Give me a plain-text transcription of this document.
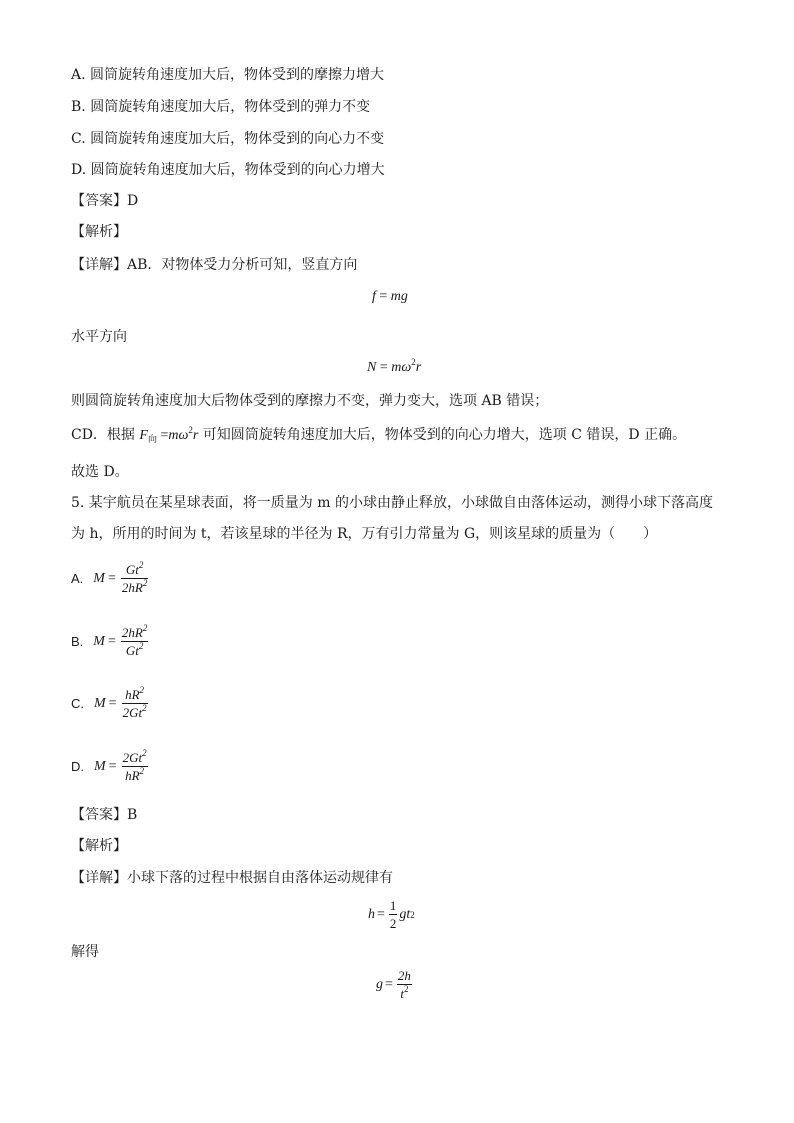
A. 圆筒旋转角速度加大后，物体受到的摩擦力增大
B. 圆筒旋转角速度加大后，物体受到的弹力不变
C. 圆筒旋转角速度加大后，物体受到的向心力不变
D. 圆筒旋转角速度加大后，物体受到的向心力增大
【答案】D
【解析】
【详解】AB．对物体受力分析可知，竖直方向
f = mg
水平方向
$N = m\omega^2r$
则圆筒旋转角速度加大后物体受到的摩擦力不变，弹力变大，选项 AB 错误；
CD．根据 $F_向 =m\omega^2r$ 可知圆筒旋转角速度加大后，物体受到的向心力增大，选项 C 错误，D 正确。
故选 D。
5. 某宇航员在某星球表面，将一质量为 m 的小球由静止释放，小球做自由落体运动，测得小球下落高度
为 h，所用的时间为 t，若该星球的半径为 R，万有引力常量为 G，则该星球的质量为（　　）
A. $M = \frac{Gt^2}{2hR^2}$
B. $M = \frac{2hR^2}{Gt^2}$
C. $M = \frac{hR^2}{2Gt^2}$
D. $M = \frac{2Gt^2}{hR^2}$
【答案】B
【解析】
【详解】小球下落的过程中根据自由落体运动规律有
$h = \frac{1}{2}$ gt 2
解得
$g = \frac{2h}{t^2}$
